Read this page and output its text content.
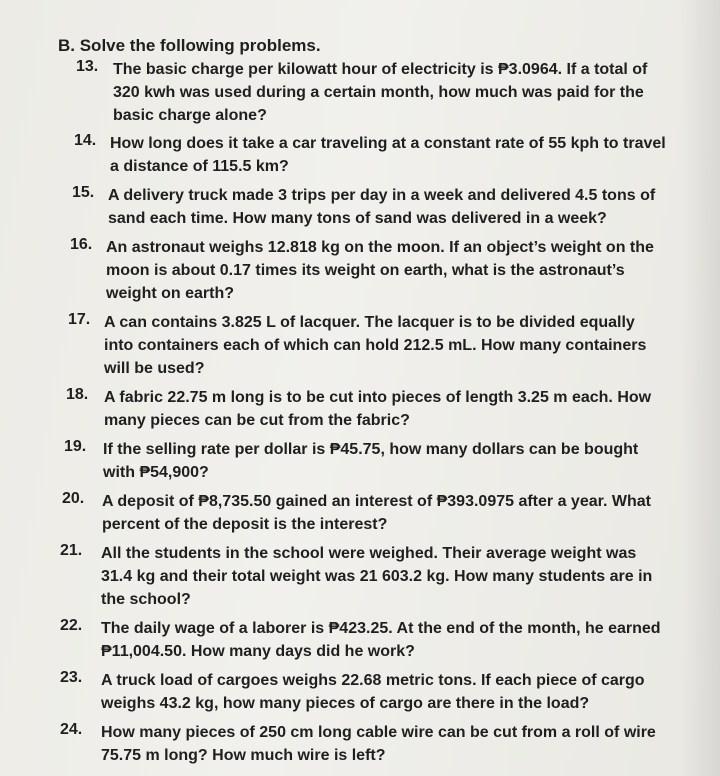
B. Solve the following problems.
13. The basic charge per kilowatt hour of electricity is ₱3.0964. If a total of 320 kwh was used during a certain month, how much was paid for the basic charge alone?
14. How long does it take a car traveling at a constant rate of 55 kph to travel a distance of 115.5 km?
15. A delivery truck made 3 trips per day in a week and delivered 4.5 tons of sand each time. How many tons of sand was delivered in a week?
16. An astronaut weighs 12.818 kg on the moon. If an object’s weight on the moon is about 0.17 times its weight on earth, what is the astronaut’s weight on earth?
17. A can contains 3.825 L of lacquer. The lacquer is to be divided equally into containers each of which can hold 212.5 mL. How many containers will be used?
18. A fabric 22.75 m long is to be cut into pieces of length 3.25 m each. How many pieces can be cut from the fabric?
19. If the selling rate per dollar is ₱45.75, how many dollars can be bought with ₱54,900?
20. A deposit of ₱8,735.50 gained an interest of ₱393.0975 after a year. What percent of the deposit is the interest?
21. All the students in the school were weighed. Their average weight was 31.4 kg and their total weight was 21 603.2 kg. How many students are in the school?
22. The daily wage of a laborer is ₱423.25. At the end of the month, he earned ₱11,004.50. How many days did he work?
23. A truck load of cargoes weighs 22.68 metric tons. If each piece of cargo weighs 43.2 kg, how many pieces of cargo are there in the load?
24. How many pieces of 250 cm long cable wire can be cut from a roll of wire 75.75 m long? How much wire is left?
